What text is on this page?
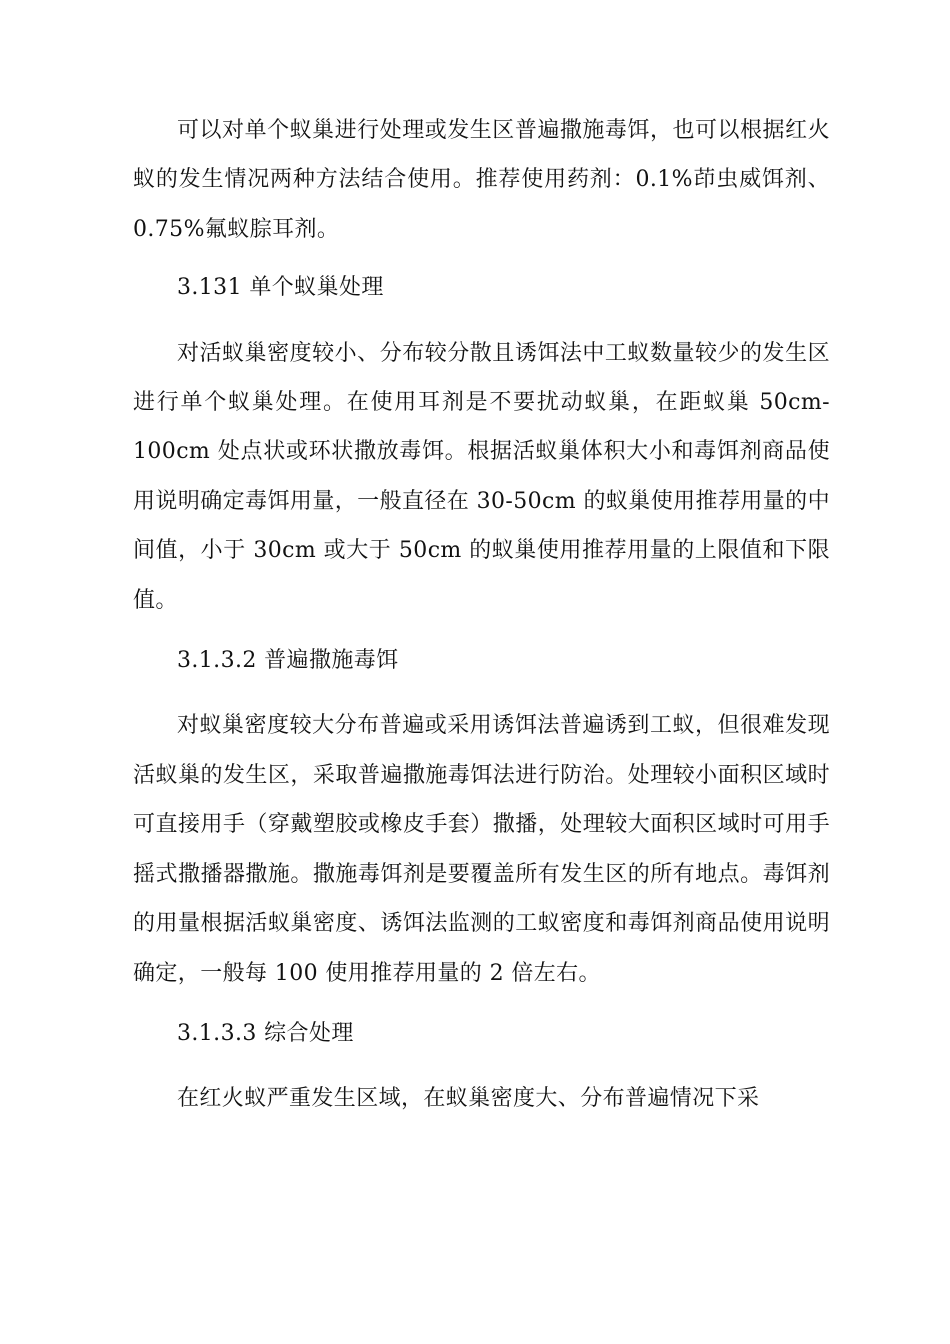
可以对单个蚁巢进行处理或发生区普遍撒施毒饵，也可以根据红火蚁的发生情况两种方法结合使用。推荐使用药剂：0.1%茚虫威饵剂、0.75%氟蚁腙耳剂。

3.131 单个蚁巢处理

对活蚁巢密度较小、分布较分散且诱饵法中工蚁数量较少的发生区进行单个蚁巢处理。在使用耳剂是不要扰动蚁巢，在距蚁巢 50cm-100cm 处点状或环状撒放毒饵。根据活蚁巢体积大小和毒饵剂商品使用说明确定毒饵用量，一般直径在 30-50cm 的蚁巢使用推荐用量的中间值，小于 30cm 或大于 50cm 的蚁巢使用推荐用量的上限值和下限值。

3.1.3.2 普遍撒施毒饵

对蚁巢密度较大分布普遍或采用诱饵法普遍诱到工蚁，但很难发现活蚁巢的发生区，采取普遍撒施毒饵法进行防治。处理较小面积区域时可直接用手（穿戴塑胶或橡皮手套）撒播，处理较大面积区域时可用手摇式撒播器撒施。撒施毒饵剂是要覆盖所有发生区的所有地点。毒饵剂的用量根据活蚁巢密度、诱饵法监测的工蚁密度和毒饵剂商品使用说明确定，一般每 100 使用推荐用量的 2 倍左右。

3.1.3.3 综合处理

在红火蚁严重发生区域，在蚁巢密度大、分布普遍情况下采
